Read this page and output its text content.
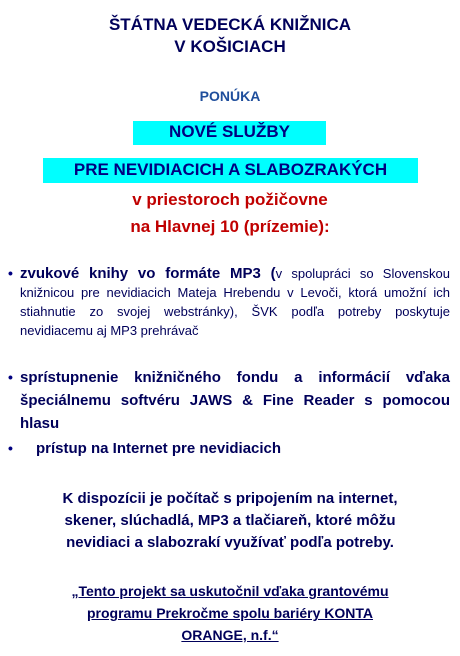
ŠTÁTNA VEDECKÁ KNIŽNICA
V KOŠICIACH
PONÚKA
NOVÉ SLUŽBY
PRE NEVIDIACICH A SLABOZRAKÝCH
v priestoroch požičovne
na Hlavnej 10 (prízemie):
• zvukové knihy vo formáte MP3 (v spolupráci so Slovenskou knižnicou pre nevidiacich Mateja Hrebendu v Levoči, ktorá umožní ich stiahnutie zo svojej webstránky), ŠVK podľa potreby poskytuje nevidiacemu aj MP3 prehrávač
• sprístupnenie knižničného fondu a informácií vďaka špeciálnemu softvéru JAWS & Fine Reader s pomocou hlasu
• prístup na Internet pre nevidiacich
K dispozícii je počítač s pripojením na internet,
skener, slúchadlá, MP3 a tlačiareň, ktoré môžu
nevidiaci a slabozrakí využívať podľa potreby.
„Tento projekt sa uskutočnil vďaka grantovému
programu Prekročme spolu bariéry KONTA
ORANGE, n.f.“
